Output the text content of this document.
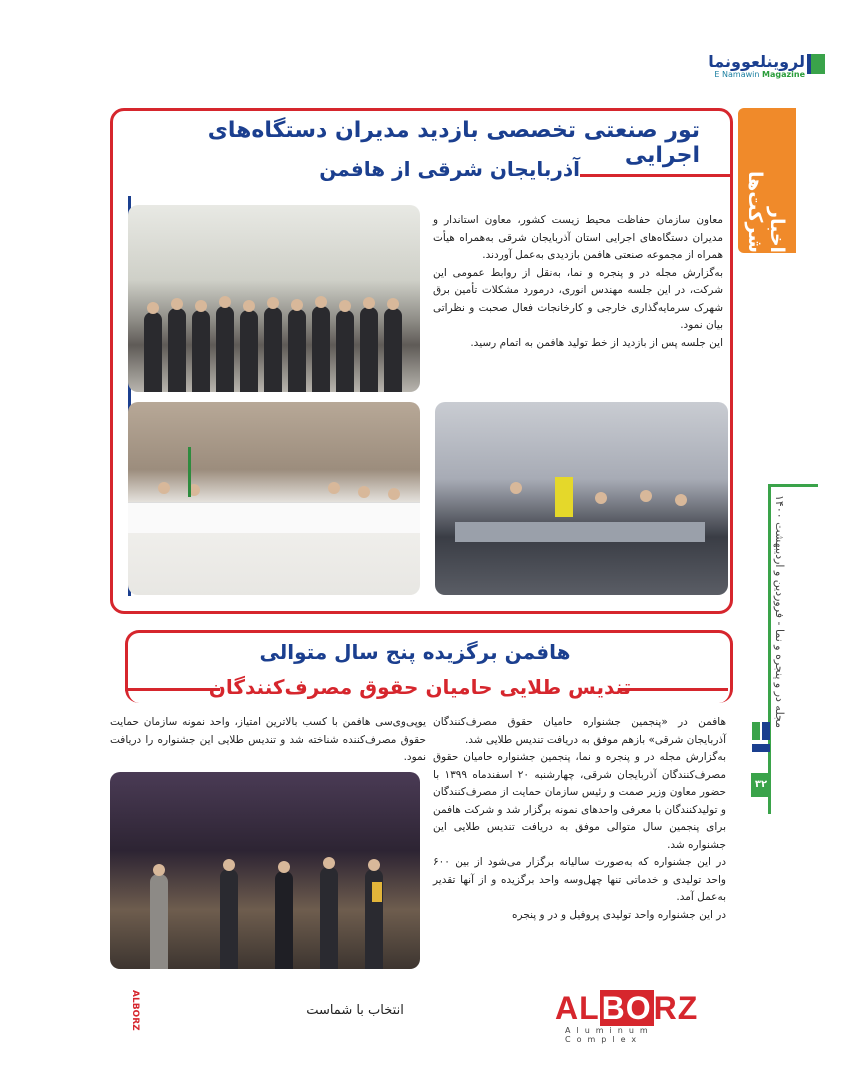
لروینلعوونما
E Namawin Magazine
اخبار شرکت‌ها
تور صنعتی تخصصی بازدید مدیران دستگاه‌های اجرایی
آذربایجان شرقی از هافمن

معاون سازمان حفاظت محیط زیست کشور، معاون استاندار و مدیران دستگاه‌های اجرایی استان آذربایجان شرقی به‌همراه هیأت همراه از مجموعه صنعتی هافمن بازدیدی به‌عمل آوردند.

به‌گزارش مجله در و پنجره و نما، به‌نقل از روابط عمومی این شرکت، در این جلسه مهندس انوری، درمورد مشکلات تأمین برق شهرک سرمایه‌گذاری خارجی و کارخانجات فعال صحبت و نظراتی بیان نمود.

این جلسه پس از بازدید از خط تولید هافمن به اتمام رسید.

هافمن برگزیده پنج سال متوالی
تندیس طلایی حامیان حقوق مصرف‌کنندگان

هافمن در «پنجمین جشنواره حامیان حقوق مصرف‌کنندگان آذربایجان شرقی» بازهم موفق به دریافت تندیس طلایی شد.

به‌گزارش مجله در و پنجره و نما، پنجمین جشنواره حامیان حقوق مصرف‌کنندگان آذربایجان شرقی، چهارشنبه ۲۰ اسفندماه ۱۳۹۹ با حضور معاون وزیر صمت و رئیس سازمان حمایت از مصرف‌کنندگان و تولیدکنندگان با معرفی واحدهای نمونه برگزار شد و شرکت هافمن برای پنجمین سال متوالی موفق به دریافت تندیس طلایی این جشنواره شد.

در این جشنواره که به‌صورت سالیانه برگزار می‌شود از بین ۶۰۰ واحد تولیدی و خدماتی تنها چهل‌وسه واحد برگزیده و از آنها تقدیر به‌عمل آمد.

در این جشنواره واحد تولیدی پروفیل و در و پنجره

یوپی‌وی‌سی هافمن با کسب بالاترین امتیاز، واحد نمونه سازمان حمایت حقوق مصرف‌کننده شناخته شد و تندیس طلایی این جشنواره را دریافت نمود.

مجله در و پنجره و نما - فروردین و اردیبهشت ۱۴۰۰
۳۲
ALBORZ
Aluminum Complex
انتخاب با شماست
ALBORZ
